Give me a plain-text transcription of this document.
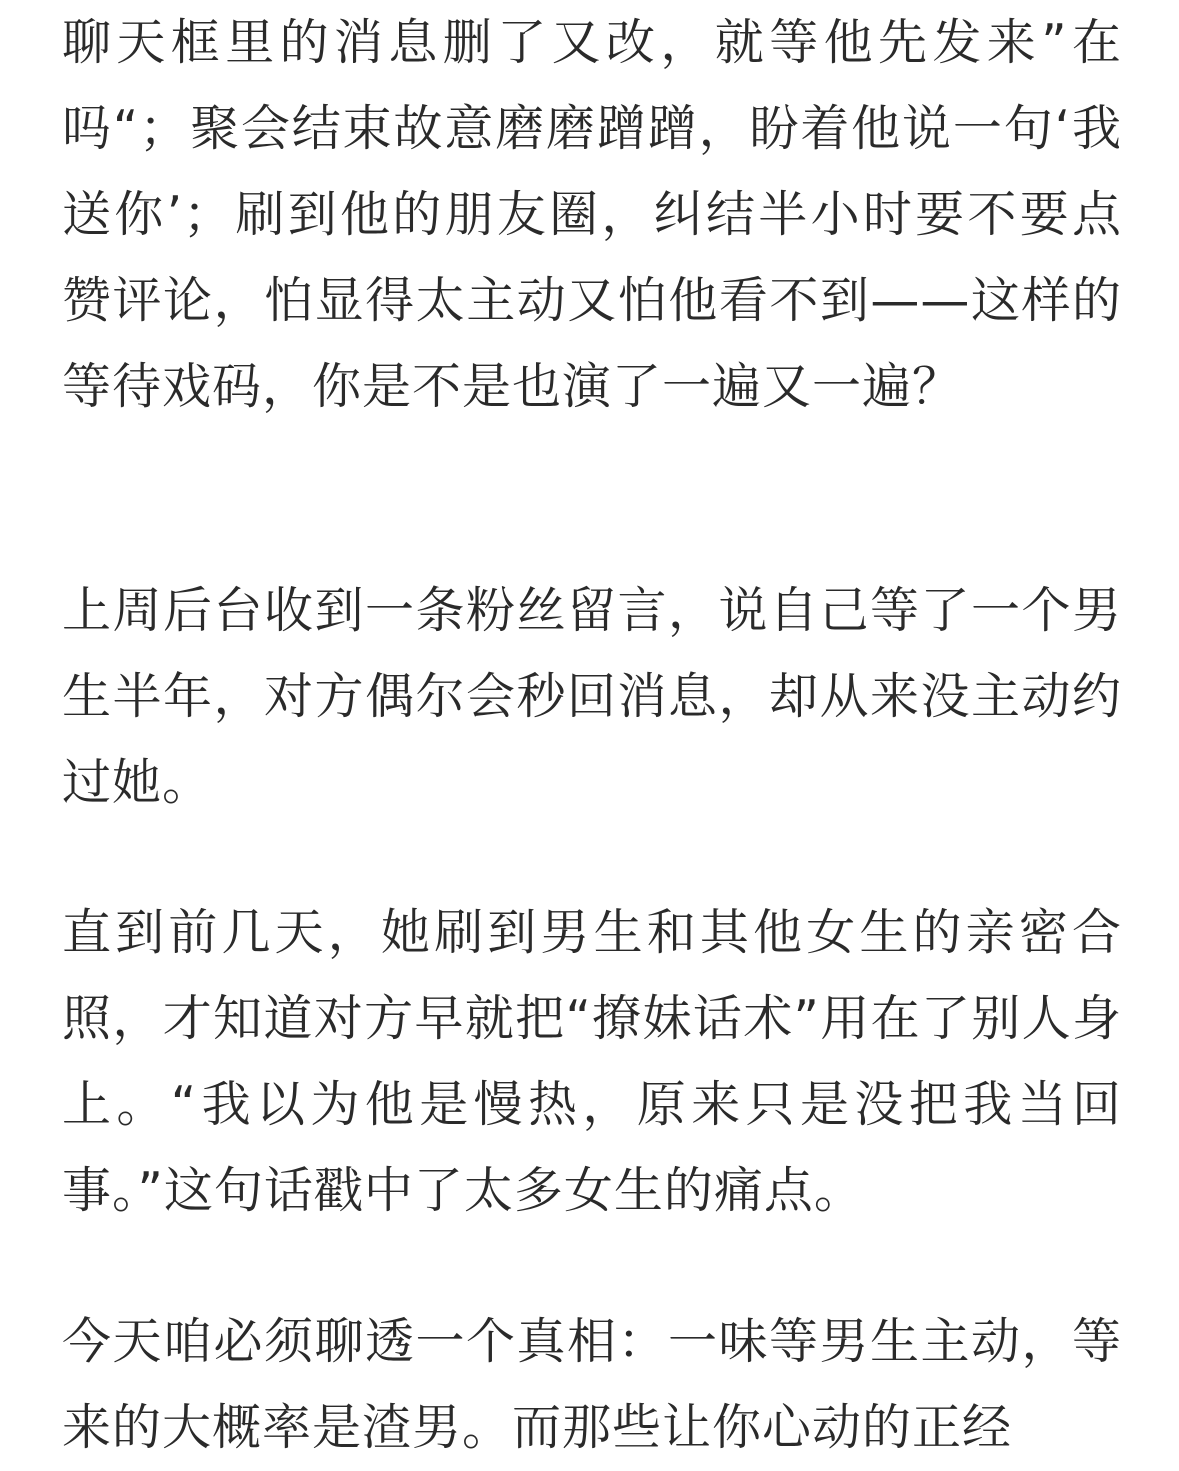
聊天框里的消息删了又改，就等他先发来”在吗“；聚会结束故意磨磨蹭蹭，盼着他说一句‘我送你’；刷到他的朋友圈，纠结半小时要不要点赞评论，怕显得太主动又怕他看不到——这样的等待戏码，你是不是也演了一遍又一遍？

上周后台收到一条粉丝留言，说自己等了一个男生半年，对方偶尔会秒回消息，却从来没主动约过她。

直到前几天，她刷到男生和其他女生的亲密合照，才知道对方早就把“撩妹话术”用在了别人身上。“我以为他是慢热，原来只是没把我当回事。”这句话戳中了太多女生的痛点。

今天咱必须聊透一个真相：一味等男生主动，等来的大概率是渣男。而那些让你心动的正经
